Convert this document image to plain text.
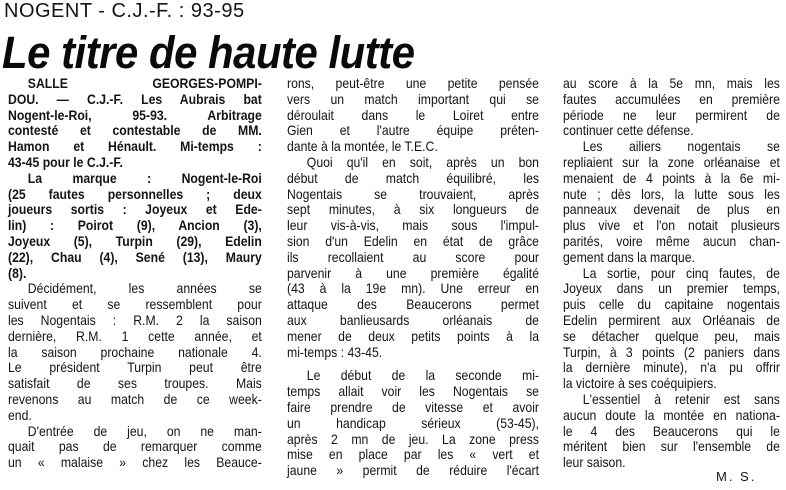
NOGENT - C.J.-F. : 93-95
Le titre de haute lutte

SALLE GEORGES-POMPI-

DOU. — C.J.-F. Les Aubrais bat

Nogent-le-Roi, 95-93. Arbitrage

contesté et contestable de MM.

Hamon et Hénault. Mi-temps :

43-45 pour le C.J.-F.

La marque : Nogent-le-Roi

(25 fautes personnelles ; deux

joueurs sortis : Joyeux et Ede-

lin) : Poirot (9), Ancion (3),

Joyeux (5), Turpin (29), Edelin

(22), Chau (4), Sené (13), Maury

(8).

Décidément, les années se

suivent et se ressemblent pour

les Nogentais : R.M. 2 la saison

dernière, R.M. 1 cette année, et

la saison prochaine nationale 4.

Le président Turpin peut être

satisfait de ses troupes. Mais

revenons au match de ce week-

end.

D'entrée de jeu, on ne man-

quait pas de remarquer comme

un « malaise » chez les Beauce-

rons, peut-être une petite pensée

vers un match important qui se

déroulait dans le Loiret entre

Gien et l'autre équipe préten-

dante à la montée, le T.E.C.

Quoi qu'il en soit, après un bon

début de match équilibré, les

Nogentais se trouvaient, après

sept minutes, à six longueurs de

leur vis-à-vis, mais sous l'impul-

sion d'un Edelin en état de grâce

ils recollaient au score pour

parvenir à une première égalité

(43 à la 19e mn). Une erreur en

attaque des Beaucerons permet

aux banlieusards orléanais de

mener de deux petits points à la

mi-temps : 43-45.

Le début de la seconde mi-

temps allait voir les Nogentais se

faire prendre de vitesse et avoir

un handicap sérieux (53-45),

après 2 mn de jeu. La zone press

mise en place par les « vert et

jaune » permit de réduire l'écart

au score à la 5e mn, mais les

fautes accumulées en première

période ne leur permirent de

continuer cette défense.

Les ailiers nogentais se

repliaient sur la zone orléanaise et

menaient de 4 points à la 6e mi-

nute ; dès lors, la lutte sous les

panneaux devenait de plus en

plus vive et l'on notait plusieurs

parités, voire même aucun chan-

gement dans la marque.

La sortie, pour cinq fautes, de

Joyeux dans un premier temps,

puis celle du capitaine nogentais

Edelin permirent aux Orléanais de

se détacher quelque peu, mais

Turpin, à 3 points (2 paniers dans

la dernière minute), n'a pu offrir

la victoire à ses coéquipiers.

L'essentiel à retenir est sans

aucun doute la montée en nationa-

le 4 des Beaucerons qui le

méritent bien sur l'ensemble de

leur saison.

M. S.
